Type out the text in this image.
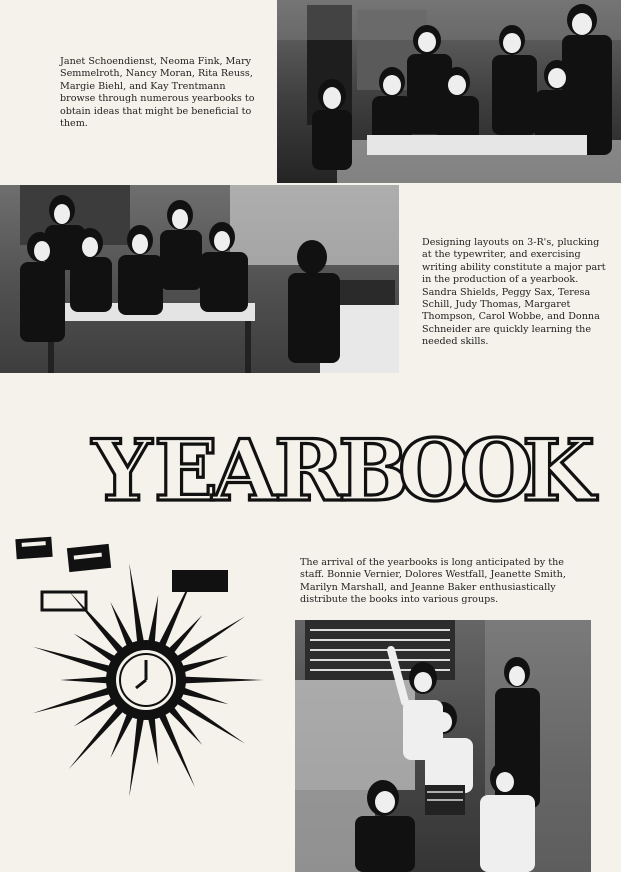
Janet Schoendienst, Neoma Fink, Mary Semmelroth, Nancy Moran, Rita Reuss, Margie Biehl, and Kay Trentmann browse through numerous yearbooks to obtain ideas that might be beneficial to them.

Designing layouts on 3-R's, plucking at the typewriter, and exercising writing ability constitute a major part in the production of a yearbook. Sandra Shields, Peggy Sax, Teresa Schill, Judy Thomas, Margaret Thompson, Carol Wobbe, and Donna Schneider are quickly learning the needed skills.

Y E
A
R
B
O
O
K

The arrival of the yearbooks is long anticipated by the staff. Bonnie Vernier, Dolores Westfall, Jeanette Smith, Marilyn Marshall, and Jeanne Baker enthusiastically distribute the books into various groups.
